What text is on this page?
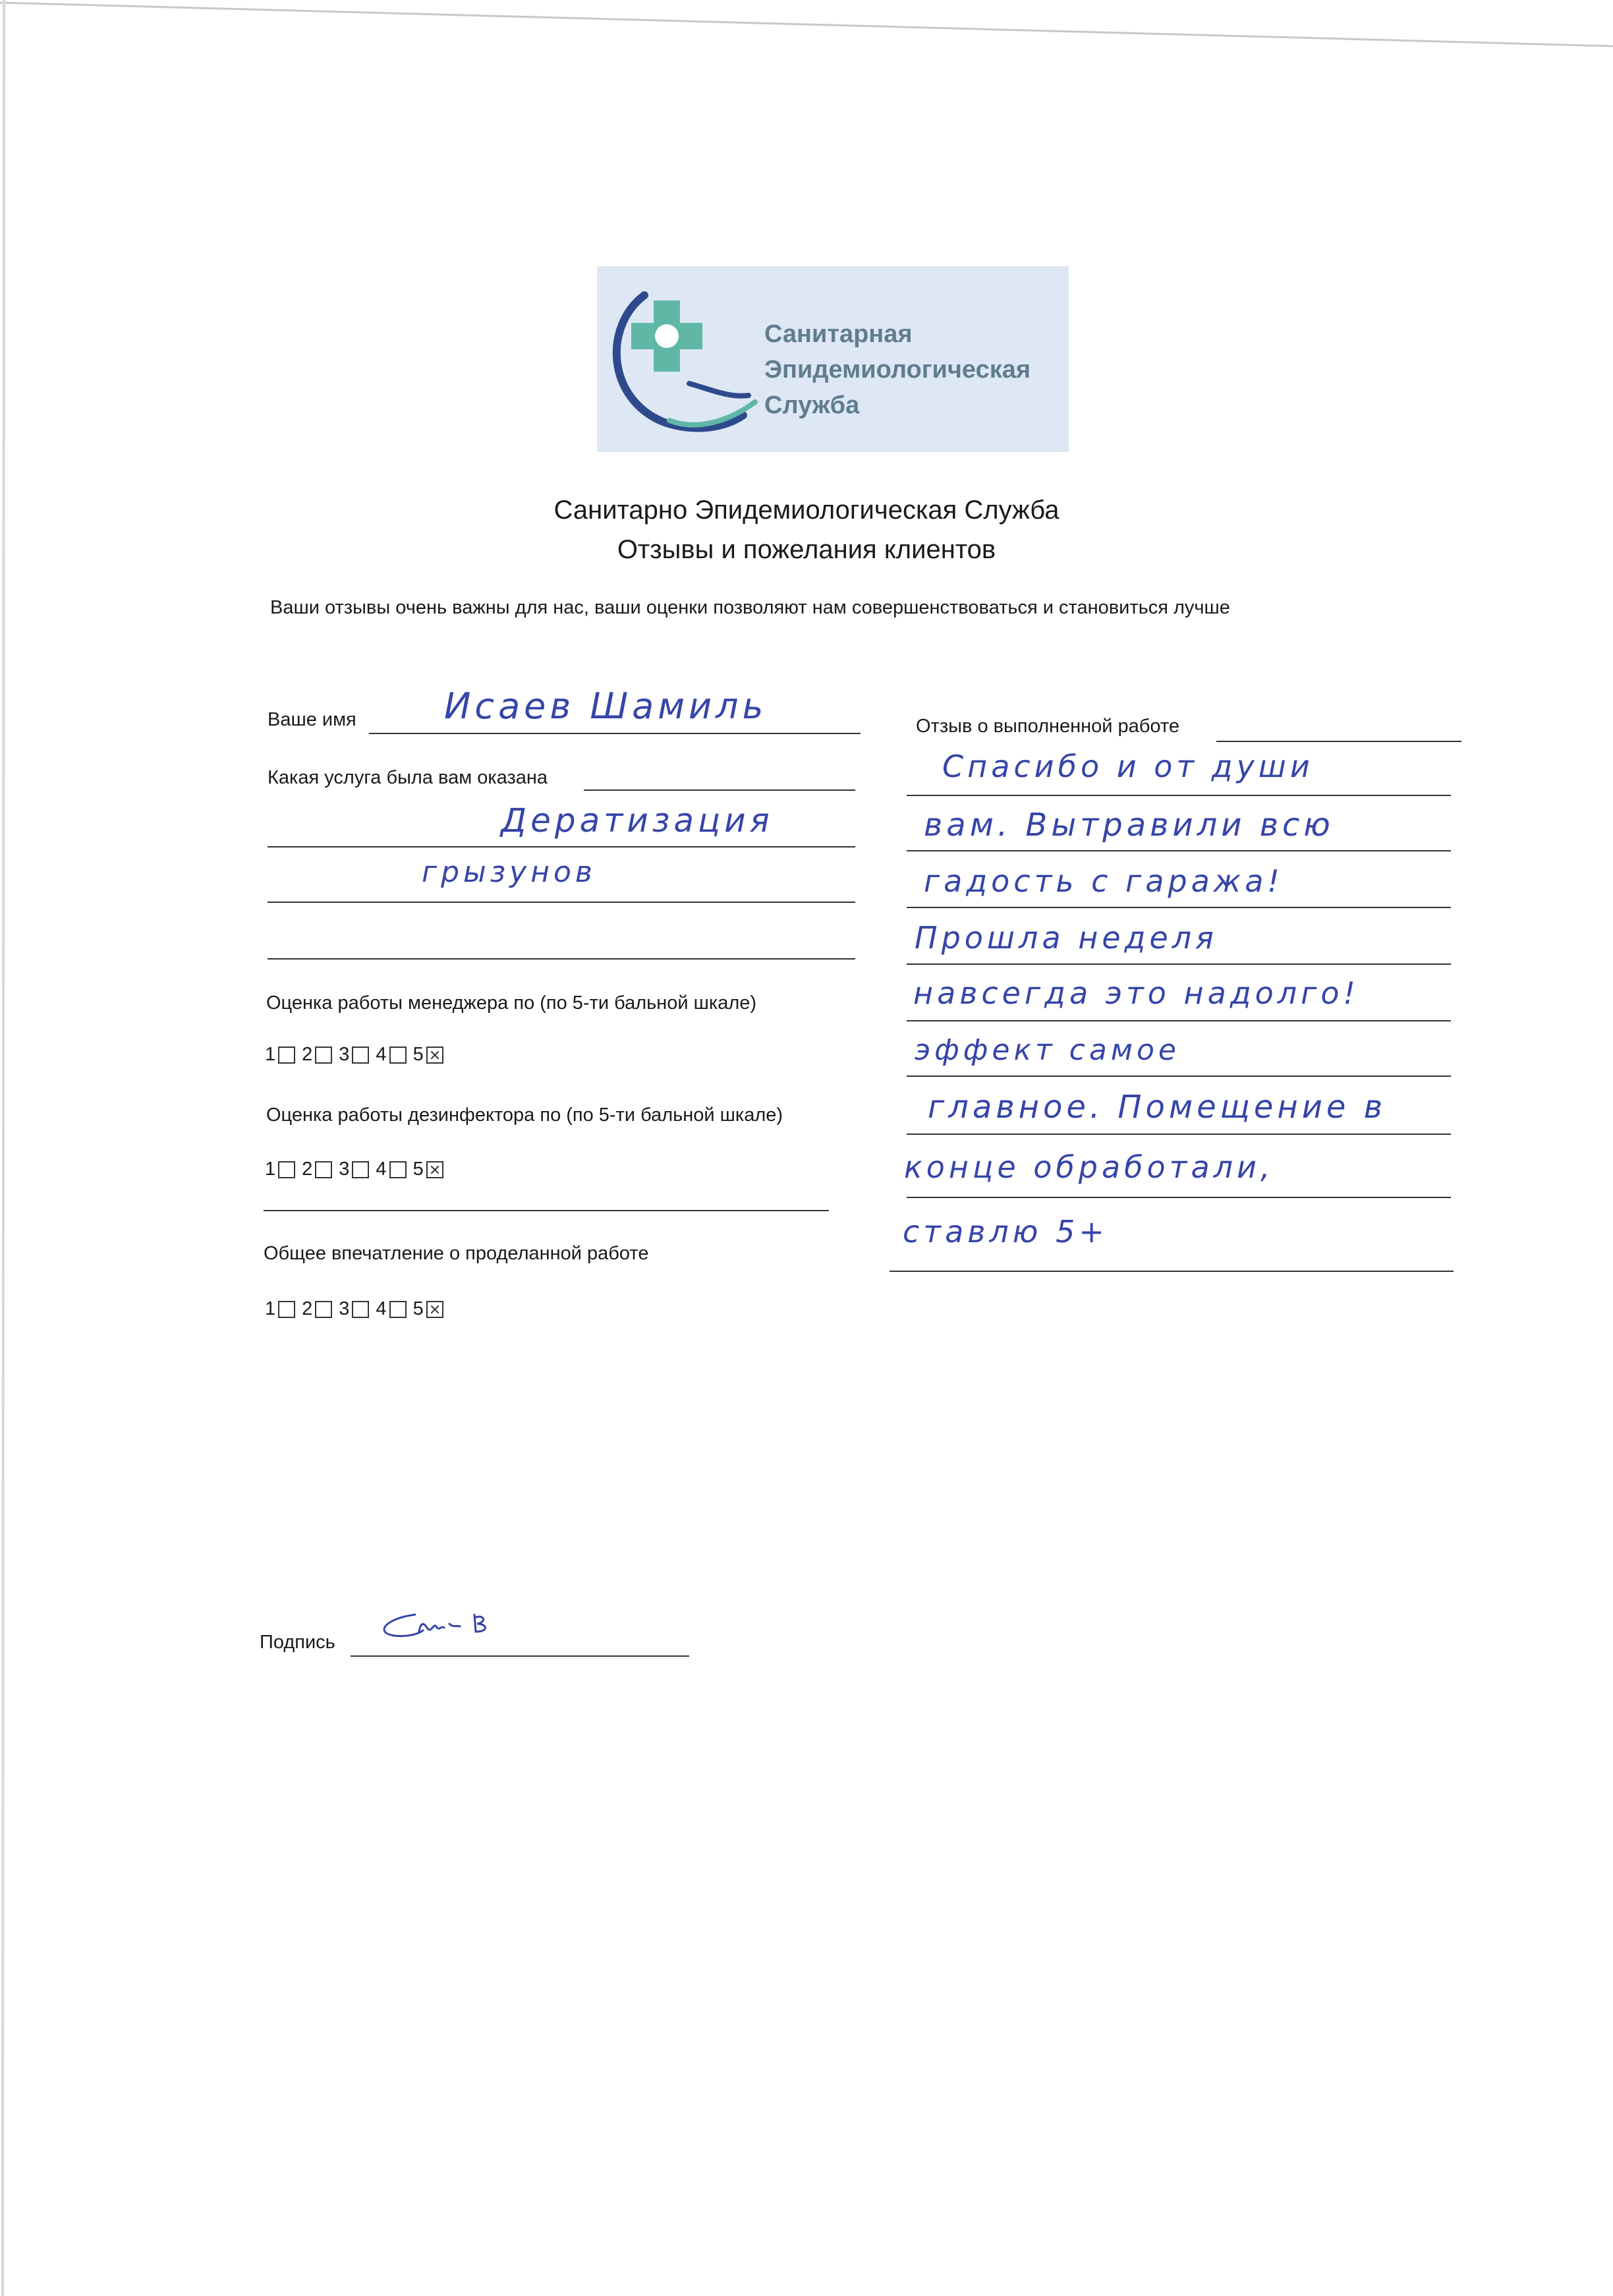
Санитарная
Эпидемиологическая
Служба
Санитарно Эпидемиологическая Служба
Отзывы и пожелания клиентов
Ваши отзывы очень важны для нас, ваши оценки позволяют нам совершенствоваться и становиться лучше
Ваше имя Исаев Шамиль
Какая услуга была вам оказана
Дератизация
грызунов
Оценка работы менеджера по (по 5-ти бальной шкале)
1 2 3 4 5
Оценка работы дезинфектора по (по 5-ти бальной шкале)
1 2 3 4 5
Общее впечатление о проделанной работе
1 2 3 4 5
Отзыв о выполненной работе
Спасибо и от души
вам. Вытравили всю
гадость с гаража!
Прошла неделя
навсегда это надолго!
эффект самое
главное. Помещение в
конце обработали,
ставлю 5+
Подпись
